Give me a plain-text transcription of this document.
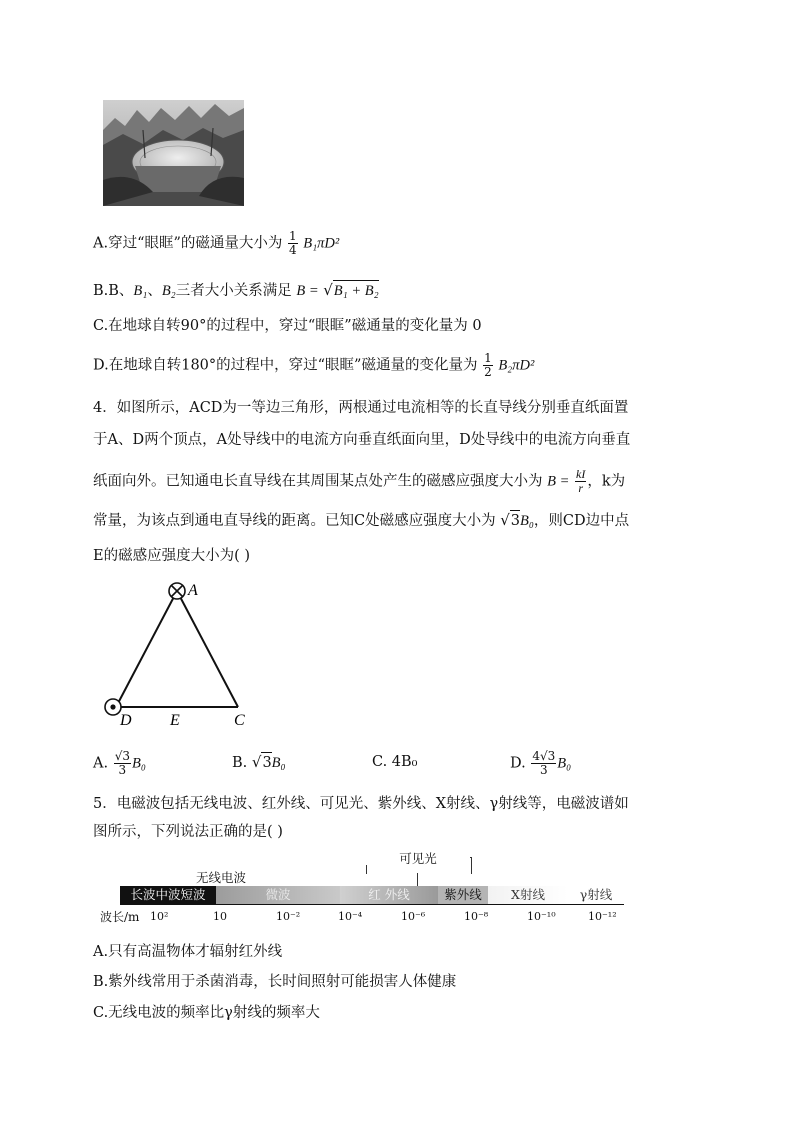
A.穿过“眼眶”的磁通量大小为 $\frac{1}{4} B_1\pi D^2$
B.B、B₁、B₂三者大小关系满足 B = √B₁ + B₂
C.在地球自转90°的过程中，穿过“眼眶”磁通量的变化量为 0
D.在地球自转180°的过程中，穿过“眼眶”磁通量的变化量为 $\frac{1}{2} B_2\pi D^2$
4．如图所示，ACD为一等边三角形，两根通过电流相等的长直导线分别垂直纸面置
于A、D两个顶点，A处导线中的电流方向垂直纸面向里，D处导线中的电流方向垂直
纸面向外。已知通电长直导线在其周围某点处产生的磁感应强度大小为 $B = \frac{kI}{r}$ ，k为
常量，为该点到通电直导线的距离。已知C处磁感应强度大小为 √3B₀，则CD边中点
E的磁感应强度大小为( )
A
D E	C
A. $\frac{√3}{3} B_0$	B. √3B₀	C. 4B₀	D. $\frac{4√3}{3} B_0$
5．电磁波包括无线电波、红外线、可见光、紫外线、X射线、γ射线等，电磁波谱如
图所示，下列说法正确的是( )
可见光
无线电波
长波中波短波	微波	红 外线	紫外线	X射线	γ射线
波长/m 10²	10	10⁻²	10⁻⁴	10⁻⁶	10⁻⁸	10⁻¹⁰	10⁻¹²
A.只有高温物体才辐射红外线
B.紫外线常用于杀菌消毒，长时间照射可能损害人体健康
C.无线电波的频率比γ射线的频率大
